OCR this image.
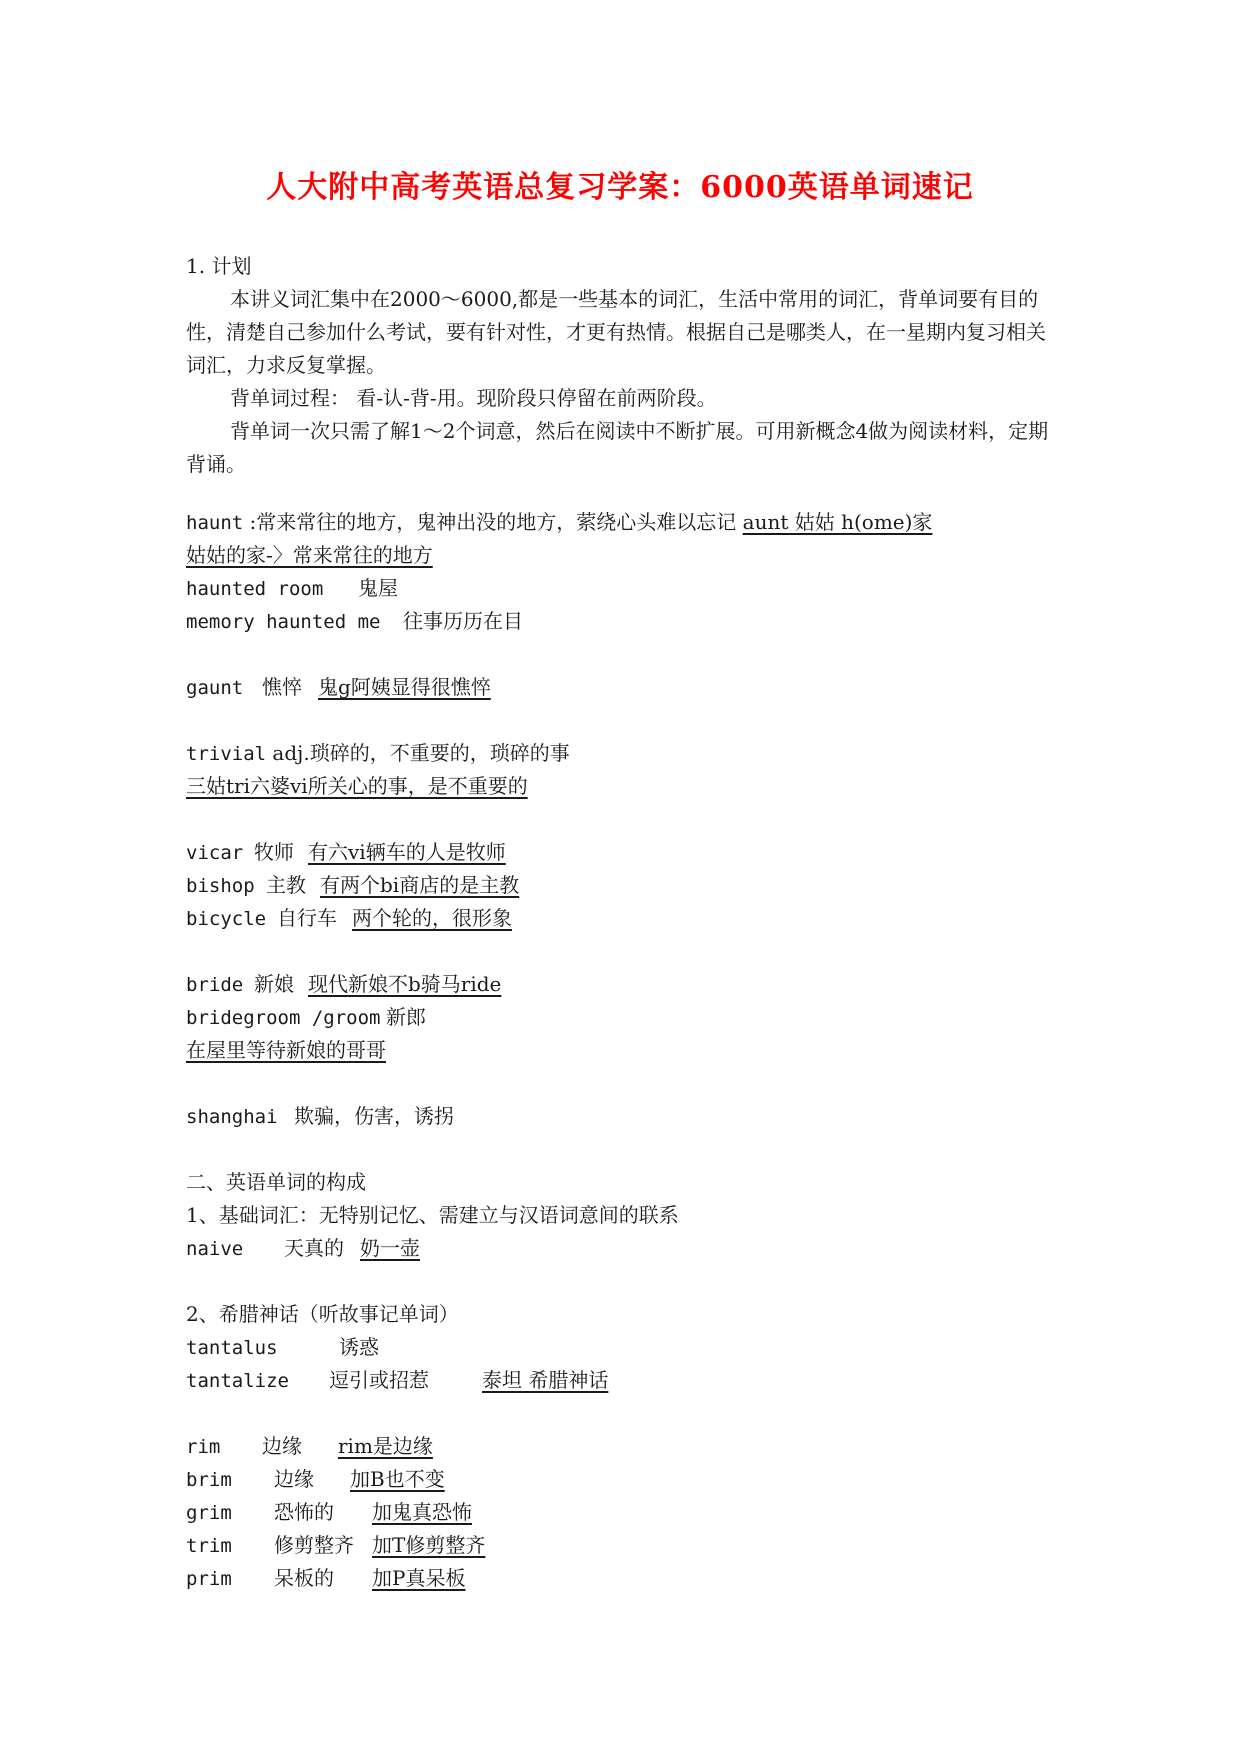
人大附中高考英语总复习学案：6000英语单词速记
1. 计划
本讲义词汇集中在2000～6000,都是一些基本的词汇，生活中常用的词汇，背单词要有目的性，清楚自己参加什么考试，要有针对性，才更有热情。根据自己是哪类人，在一星期内复习相关词汇，力求反复掌握。
背单词过程： 看-认-背-用。现阶段只停留在前两阶段。
背单词一次只需了解1～2个词意，然后在阅读中不断扩展。可用新概念4做为阅读材料，定期背诵。
haunt :常来常往的地方，鬼神出没的地方，萦绕心头难以忘记 aunt 姑姑 h(ome)家
姑姑的家-〉常来常往的地方
haunted room 鬼屋
memory haunted me 往事历历在目
gaunt 憔悴 鬼g阿姨显得很憔悴
trivial adj.琐碎的，不重要的，琐碎的事
三姑tri六婆vi所关心的事，是不重要的
vicar 牧师 有六vi辆车的人是牧师
bishop 主教 有两个bi商店的是主教
bicycle 自行车 两个轮的，很形象
bride 新娘 现代新娘不b骑马ride
bridegroom /groom 新郎
在屋里等待新娘的哥哥
shanghai 欺骗，伤害，诱拐
二、英语单词的构成
1、基础词汇：无特别记忆、需建立与汉语词意间的联系
naive 天真的 奶一壶
2、希腊神话（听故事记单词）
tantalus	诱惑
tantalize 逗引或招惹	泰坦 希腊神话
rim 边缘 rim是边缘
brim 边缘 加B也不变
grim 恐怖的 加鬼真恐怖
trim 修剪整齐 加T修剪整齐
prim 呆板的 加P真呆板
